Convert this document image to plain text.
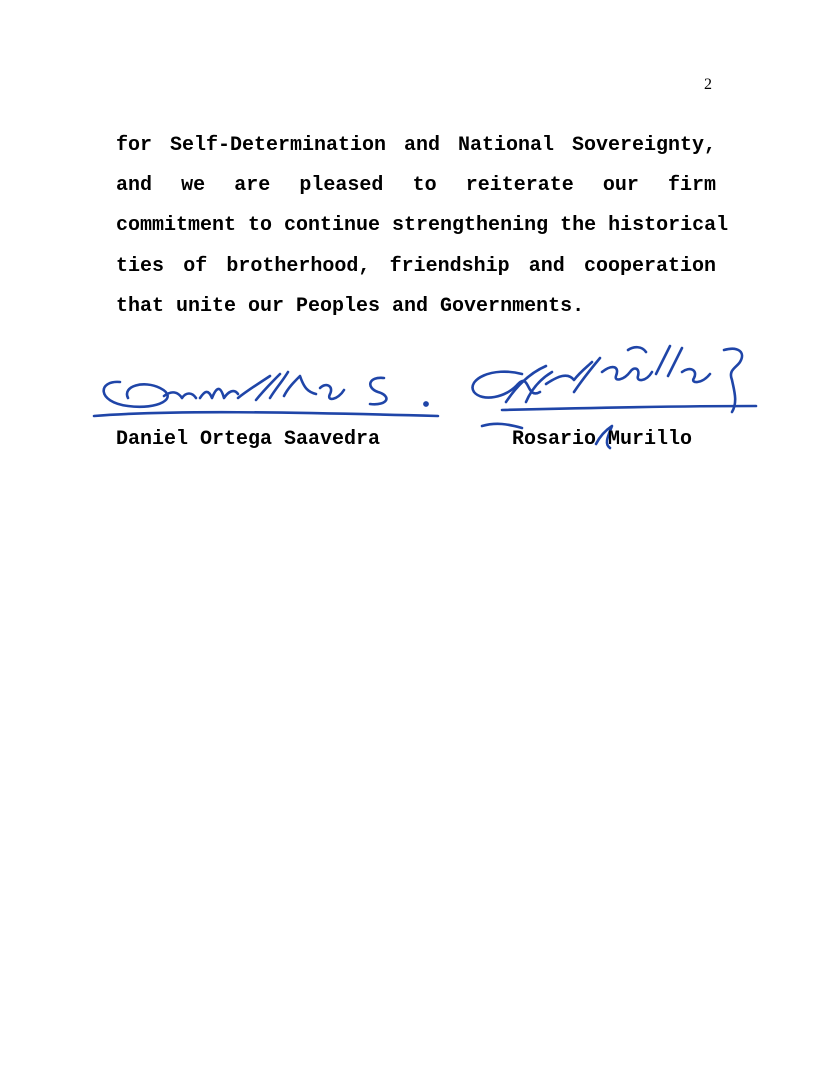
2
for Self-Determination and National Sovereignty,
and we are pleased to reiterate our firm
commitment to continue strengthening the historical
ties of brotherhood, friendship and cooperation
that unite our Peoples and Governments.
Daniel Ortega Saavedra	Rosario Murillo
